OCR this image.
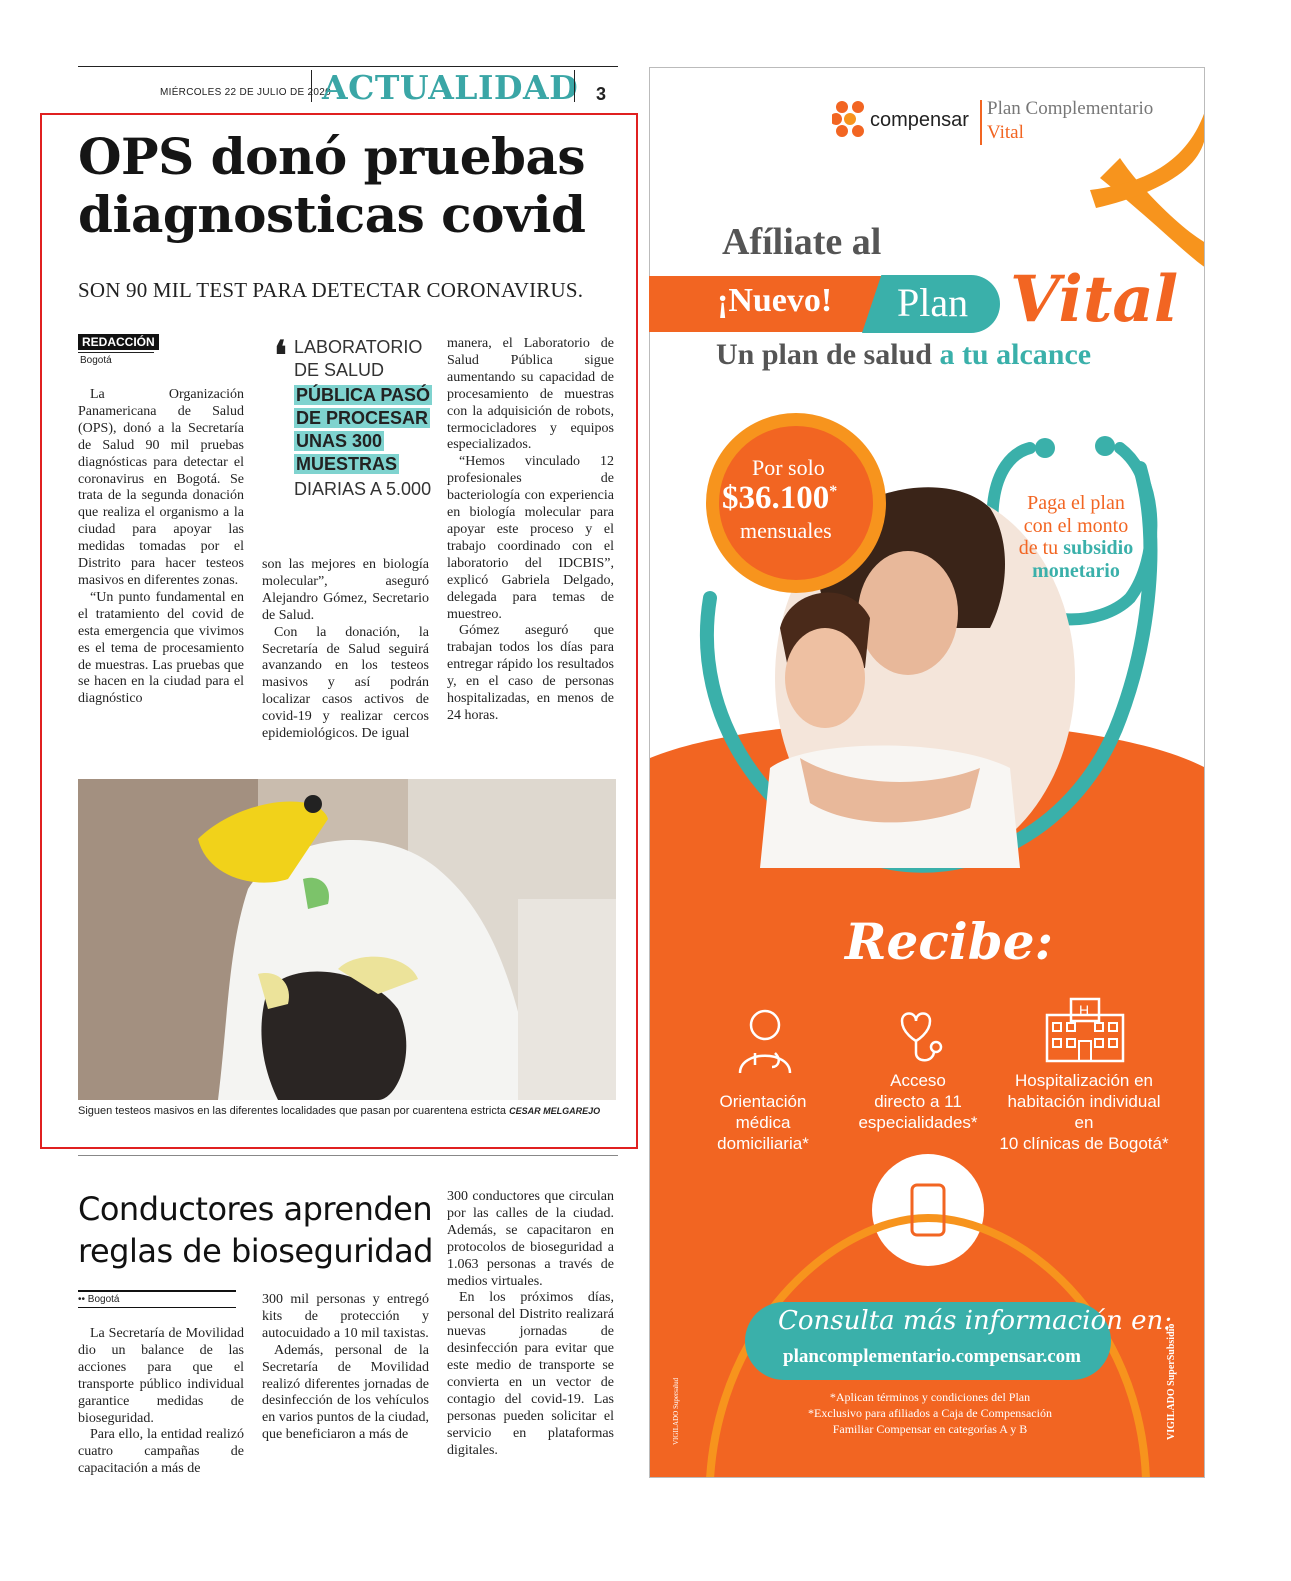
MIÉRCOLES 22 DE JULIO DE 2020
ACTUALIDAD 3
OPS donó pruebas
diagnosticas covid
SON 90 MIL TEST PARA DETECTAR CORONAVIRUS.
REDACCIÓN
Bogotá

La Organización Panamericana de Salud (OPS), donó a la Secretaría de Salud 90 mil pruebas diagnósticas para detectar el coronavirus en Bogotá. Se trata de la segunda donación que realiza el organismo a la ciudad para apoyar las medidas tomadas por el Distrito para hacer testeos masivos en diferentes zonas.

“Un punto fundamental en el tratamiento del covid de esta emergencia que vivimos es el tema de procesamiento de muestras. Las pruebas que se hacen en la ciudad para el diagnóstico

❛ LABORATORIO DE SALUD
PÚBLICA PASÓ DE PROCESAR UNAS 300 MUESTRAS
DIARIAS A 5.000

son las mejores en biología molecular”, aseguró Alejandro Gómez, Secretario de Salud.

Con la donación, la Secretaría de Salud seguirá avanzando en los testeos masivos y así podrán localizar casos activos de covid-19 y realizar cercos epidemiológicos. De igual

manera, el Laboratorio de Salud Pública sigue aumentando su capacidad de procesamiento de muestras con la adquisición de robots, termocicladores y equipos especializados.

“Hemos vinculado 12 profesionales de bacteriología con experiencia en biología molecular para apoyar este proceso y el trabajo coordinado con el laboratorio del IDCBIS”, explicó Gabriela Delgado, delegada para temas de muestreo.

Gómez aseguró que trabajan todos los días para entregar rápido los resultados y, en el caso de personas hospitalizadas, en menos de 24 horas.

Siguen testeos masivos en las diferentes localidades que pasan por cuarentena estricta CESAR MELGAREJO
Conductores aprenden
reglas de bioseguridad
•• Bogotá

La Secretaría de Movilidad dio un balance de las acciones para que el transporte público individual garantice medidas de bioseguridad.

Para ello, la entidad realizó cuatro campañas de capacitación a más de

300 mil personas y entregó kits de protección y autocuidado a 10 mil taxistas.

Además, personal de la Secretaría de Movilidad realizó diferentes jornadas de desinfección de los vehículos en varios puntos de la ciudad, que beneficiaron a más de

300 conductores que circulan por las calles de la ciudad. Además, se capacitaron en protocolos de bioseguridad a 1.063 personas a través de medios virtuales.

En los próximos días, personal del Distrito realizará nuevas jornadas de desinfección para evitar que este medio de transporte se convierta en un vector de contagio del covid-19. Las personas pueden solicitar el servicio en plataformas digitales.

compensar
Plan Complementario
Vital
Afíliate al
¡Nuevo! Plan Vital
Un plan de salud a tu alcance
Por solo
$36.100*
mensuales
Paga el plan con el monto de tu subsidio monetario
Recibe:
H
Orientación
médica domiciliaria*
Acceso
directo a 11
especialidades*
Hospitalización en
habitación individual en
10 clínicas de Bogotá*
Consulta más información en:
plancomplementario.compensar.com
*Aplican términos y condiciones del Plan
*Exclusivo para afiliados a Caja de Compensación
Familiar Compensar en categorías A y B	VIGILADO SuperSubsidio
VIGILADO Supersalud
